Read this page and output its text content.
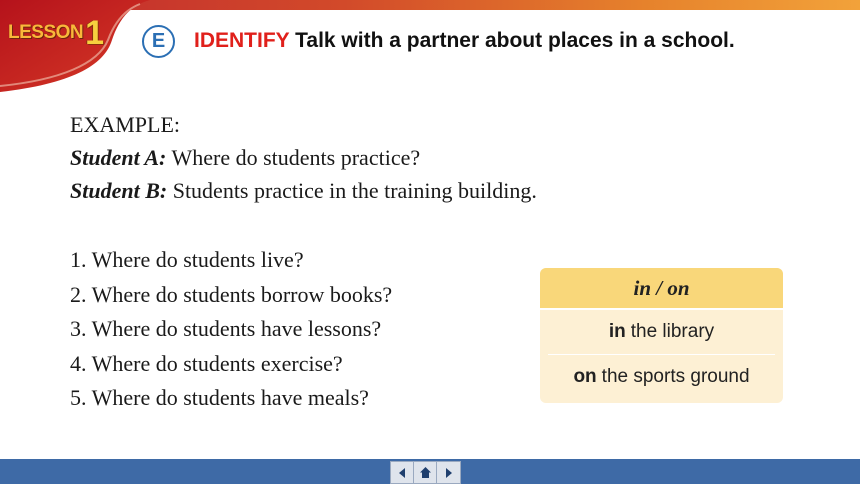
LESSON 1 E IDENTIFY Talk with a partner about places in a school.
EXAMPLE:
Student A: Where do students practice?
Student B: Students practice in the training building.
1. Where do students live?
2. Where do students borrow books?
3. Where do students have lessons?
4. Where do students exercise?
5. Where do students have meals?
in / on
in the library
on the sports ground
